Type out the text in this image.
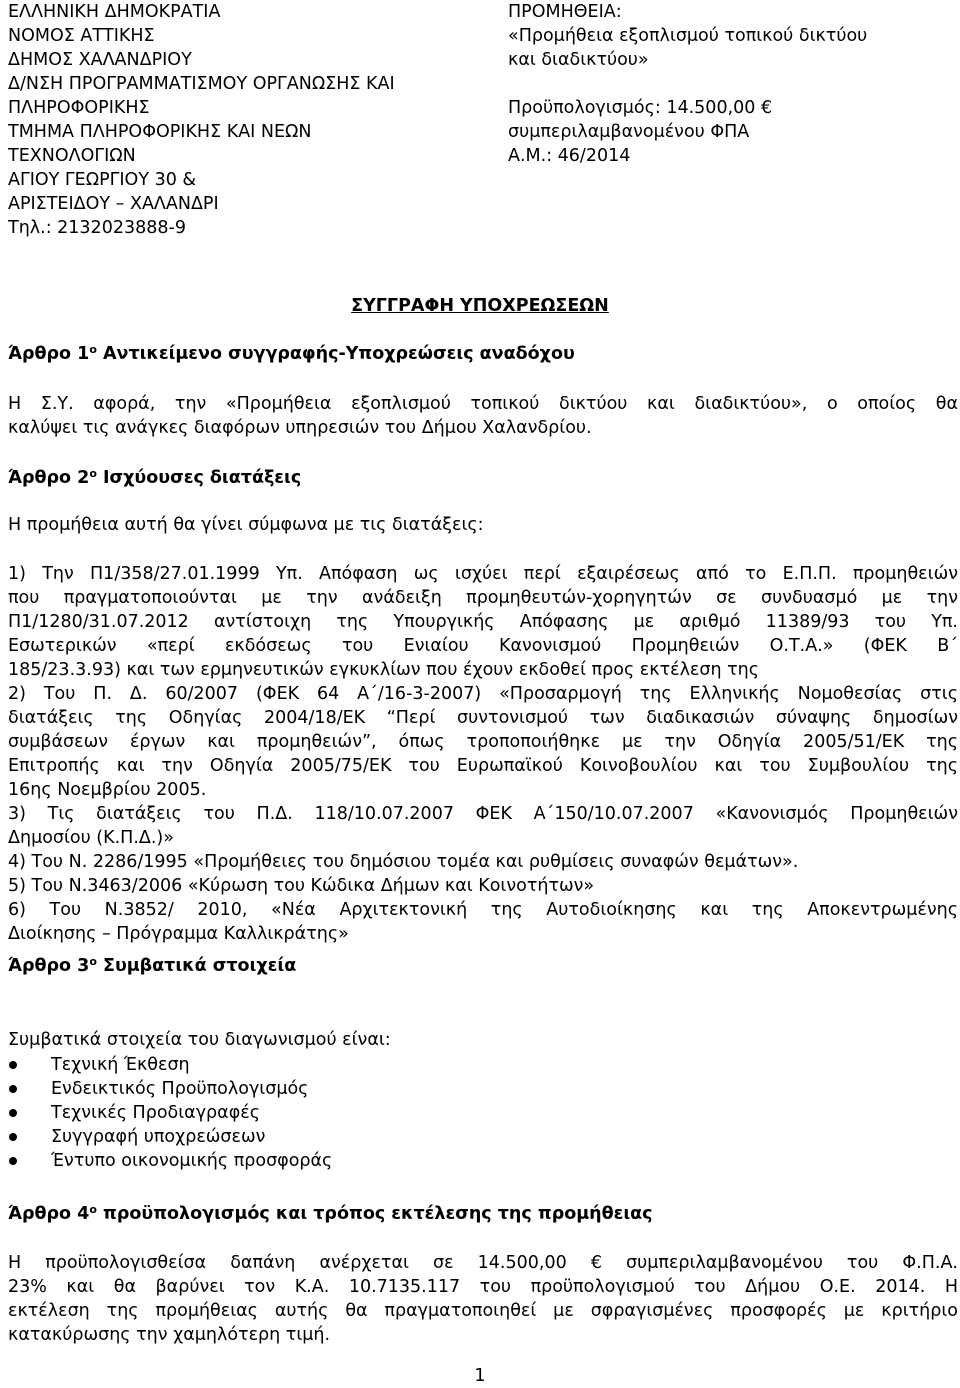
ΕΛΛΗΝΙΚΗ ΔΗΜΟΚΡΑΤΙΑ
ΝΟΜΟΣ ΑΤΤΙΚΗΣ
ΔΗΜΟΣ ΧΑΛΑΝΔΡΙΟΥ
Δ/ΝΣΗ ΠΡΟΓΡΑΜΜΑΤΙΣΜΟΥ ΟΡΓΑΝΩΣΗΣ ΚΑΙ
ΠΛΗΡΟΦΟΡΙΚΗΣ
ΤΜΗΜΑ ΠΛΗΡΟΦΟΡΙΚΗΣ ΚΑΙ ΝΕΩΝ
ΤΕΧΝΟΛΟΓΙΩΝ
ΑΓΙΟΥ ΓΕΩΡΓΙΟΥ 30 &
ΑΡΙΣΤΕΙΔΟΥ – ΧΑΛΑΝΔΡΙ
Τηλ.: 2132023888-9
ΠΡΟΜΗΘΕΙΑ:
«Προμήθεια εξοπλισμού τοπικού δικτύου
και διαδικτύου»
Προϋπολογισμός: 14.500,00 €
συμπεριλαμβανομένου ΦΠΑ
Α.Μ.: 46/2014
ΣΥΓΓΡΑΦΗ ΥΠΟΧΡΕΩΣΕΩΝ
Άρθρο $1^o$ Αντικείμενο συγγραφής-Υποχρεώσεις αναδόχου
Η Σ.Υ. αφορά, την «Προμήθεια εξοπλισμού τοπικού δικτύου και διαδικτύου», ο οποίος θα
καλύψει τις ανάγκες διαφόρων υπηρεσιών του Δήμου Χαλανδρίου.
Άρθρο $2^o$ Ισχύουσες διατάξεις
Η προμήθεια αυτή θα γίνει σύμφωνα με τις διατάξεις:
1) Την Π1/358/27.01.1999 Υπ. Απόφαση ως ισχύει περί εξαιρέσεως από το Ε.Π.Π. προμηθειών
που πραγματοποιούνται με την ανάδειξη προμηθευτών-χορηγητών σε συνδυασμό με την
Π1/1280/31.07.2012 αντίστοιχη της Υπουργικής Απόφασης με αριθμό 11389/93 του Υπ.
Εσωτερικών «περί εκδόσεως του Ενιαίου Κανονισμού Προμηθειών Ο.Τ.Α.» (ΦΕΚ Β΄
185/23.3.93) και των ερμηνευτικών εγκυκλίων που έχουν εκδοθεί προς εκτέλεση της
2) Του Π. Δ. 60/2007 (ΦΕΚ 64 Α΄/16-3-2007) «Προσαρμογή της Ελληνικής Νομοθεσίας στις
διατάξεις της Οδηγίας 2004/18/ΕΚ “Περί συντονισμού των διαδικασιών σύναψης δημοσίων
συμβάσεων έργων και προμηθειών”, όπως τροποποιήθηκε με την Οδηγία 2005/51/ΕΚ της
Επιτροπής και την Οδηγία 2005/75/ΕΚ του Ευρωπαϊκού Κοινοβουλίου και του Συμβουλίου της
16ης Νοεμβρίου 2005.
3) Τις διατάξεις του Π.Δ. 118/10.07.2007 ΦΕΚ Α΄150/10.07.2007 «Κανονισμός Προμηθειών
Δημοσίου (Κ.Π.Δ.)»
4) Του Ν. 2286/1995 «Προμήθειες του δημόσιου τομέα και ρυθμίσεις συναφών θεμάτων».
5) Του Ν.3463/2006 «Κύρωση του Κώδικα Δήμων και Κοινοτήτων»
6) Του Ν.3852/ 2010, «Νέα Αρχιτεκτονική της Αυτοδιοίκησης και της Αποκεντρωμένης
Διοίκησης – Πρόγραμμα Καλλικράτης»
Άρθρο $3^o$ Συμβατικά στοιχεία
Συμβατικά στοιχεία του διαγωνισμού είναι:
Τεχνική Έκθεση
Ενδεικτικός Προϋπολογισμός
Τεχνικές Προδιαγραφές
Συγγραφή υποχρεώσεων
Έντυπο οικονομικής προσφοράς
Άρθρο $4^o$ προϋπολογισμός και τρόπος εκτέλεσης της προμήθειας
Η προϋπολογισθείσα δαπάνη ανέρχεται σε 14.500,00 € συμπεριλαμβανομένου του Φ.Π.Α.
23% και θα βαρύνει τον Κ.Α. 10.7135.117 του προϋπολογισμού του Δήμου Ο.Ε. 2014. Η
εκτέλεση της προμήθειας αυτής θα πραγματοποιηθεί με σφραγισμένες προσφορές με κριτήριο
κατακύρωσης την χαμηλότερη τιμή.
1
